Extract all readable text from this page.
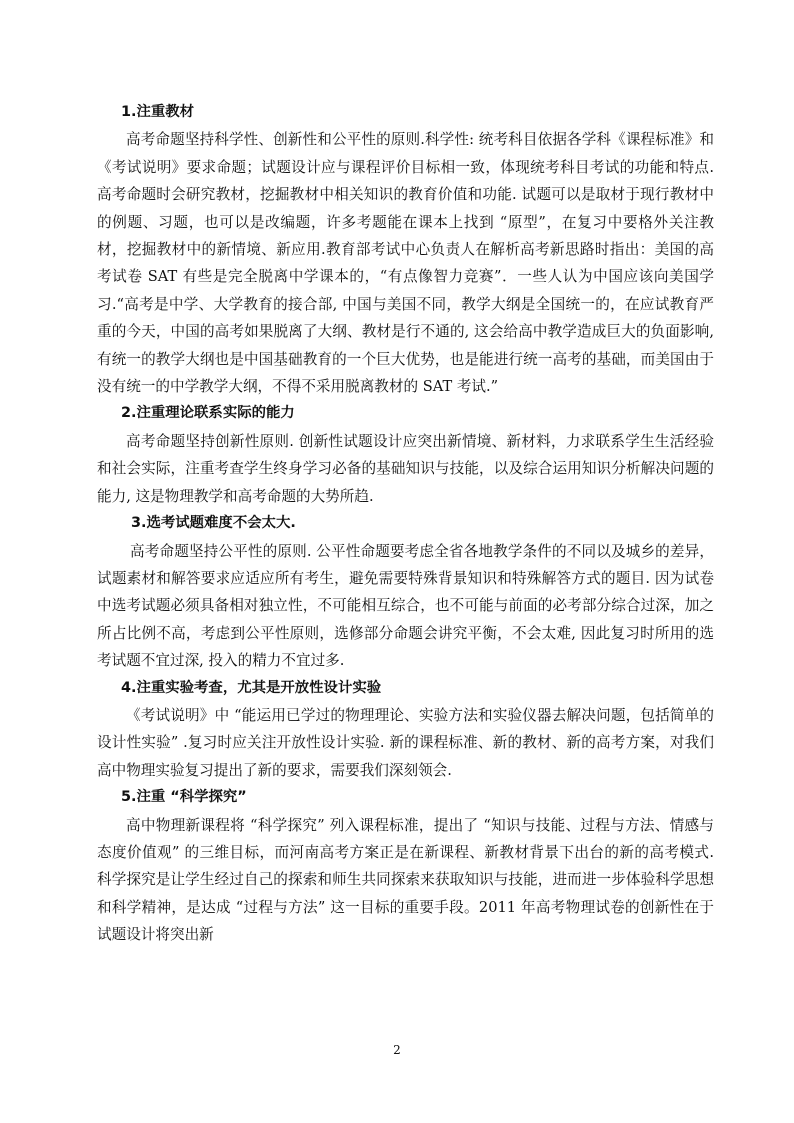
1.注重教材

高考命题坚持科学性、创新性和公平性的原则.科学性: 统考科目依据各学科《课程标准》和《考试说明》要求命题；试题设计应与课程评价目标相一致，体现统考科目考试的功能和特点. 高考命题时会研究教材，挖掘教材中相关知识的教育价值和功能. 试题可以是取材于现行教材中的例题、习题，也可以是改编题，许多考题能在课本上找到 “原型”，在复习中要格外关注教材，挖掘教材中的新情境、新应用.教育部考试中心负责人在解析高考新思路时指出：美国的高考试卷 SAT 有些是完全脱离中学课本的，“有点像智力竞赛”．一些人认为中国应该向美国学习.“高考是中学、大学教育的接合部, 中国与美国不同，教学大纲是全国统一的，在应试教育严重的今天，中国的高考如果脱离了大纲、教材是行不通的, 这会给高中教学造成巨大的负面影响, 有统一的教学大纲也是中国基础教育的一个巨大优势，也是能进行统一高考的基础，而美国由于没有统一的中学教学大纲，不得不采用脱离教材的 SAT 考试.”

2.注重理论联系实际的能力

高考命题坚持创新性原则. 创新性试题设计应突出新情境、新材料，力求联系学生生活经验和社会实际，注重考查学生终身学习必备的基础知识与技能，以及综合运用知识分析解决问题的能力, 这是物理教学和高考命题的大势所趋.

3.选考试题难度不会太大.

高考命题坚持公平性的原则. 公平性命题要考虑全省各地教学条件的不同以及城乡的差异，试题素材和解答要求应适应所有考生，避免需要特殊背景知识和特殊解答方式的题目. 因为试卷中选考试题必须具备相对独立性，不可能相互综合，也不可能与前面的必考部分综合过深，加之所占比例不高，考虑到公平性原则，选修部分命题会讲究平衡，不会太难, 因此复习时所用的选考试题不宜过深, 投入的精力不宜过多.

4.注重实验考查，尤其是开放性设计实验

《考试说明》中 “能运用已学过的物理理论、实验方法和实验仪器去解决问题，包括简单的设计性实验” .复习时应关注开放性设计实验. 新的课程标准、新的教材、新的高考方案，对我们高中物理实验复习提出了新的要求，需要我们深刻领会.

5.注重 “科学探究”

高中物理新课程将 “科学探究” 列入课程标准，提出了 “知识与技能、过程与方法、情感与态度价值观” 的三维目标，而河南高考方案正是在新课程、新教材背景下出台的新的高考模式. 科学探究是让学生经过自己的探索和师生共同探索来获取知识与技能，进而进一步体验科学思想和科学精神，是达成 “过程与方法” 这一目标的重要手段。2011 年高考物理试卷的创新性在于试题设计将突出新

2
